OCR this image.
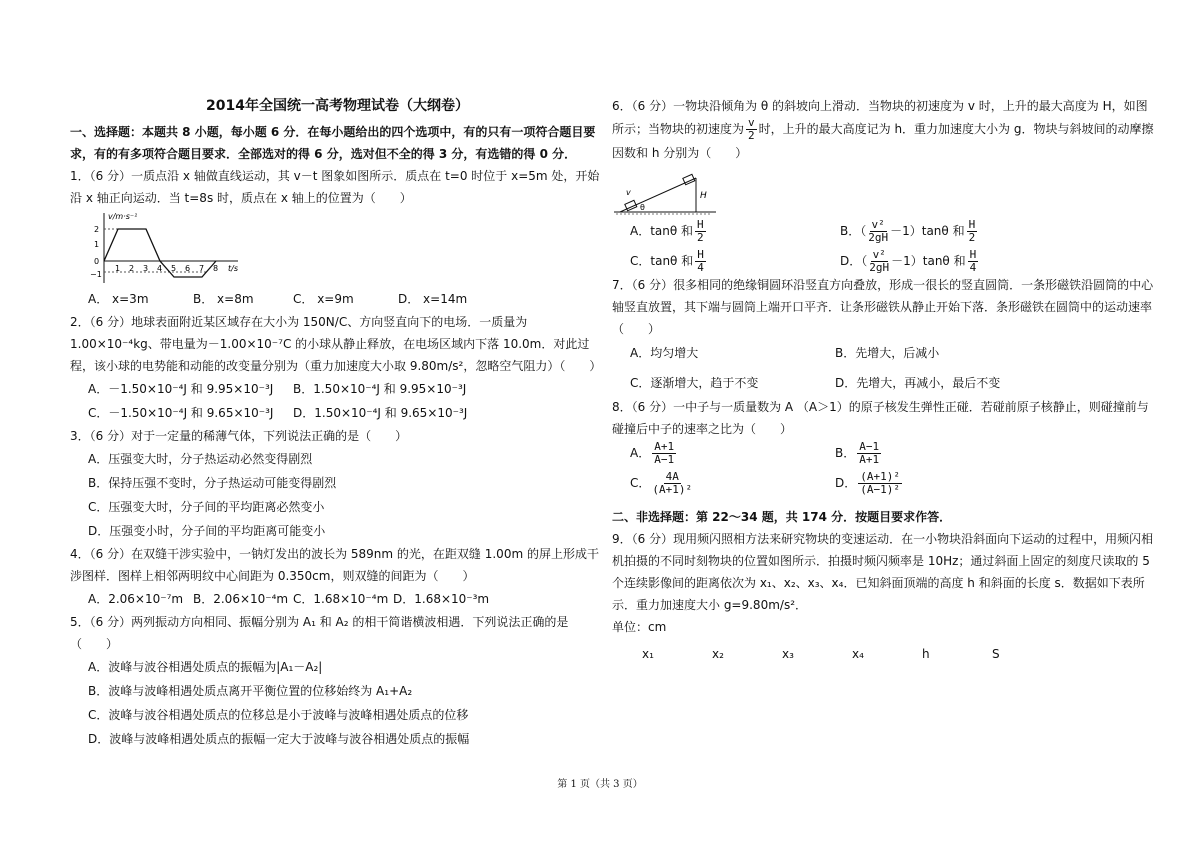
2014年全国统一高考物理试卷（大纲卷）
一、选择题：本题共 8 小题，每小题 6 分．在每小题给出的四个选项中，有的只有一项符合题目要求，有的有多项符合题目要求．全部选对的得 6 分，选对但不全的得 3 分，有选错的得 0 分．
1．（6 分）一质点沿 x 轴做直线运动，其 v－t 图象如图所示．质点在 t=0 时位于 x=5m 处，开始沿 x 轴正向运动．当 t=8s 时，质点在 x 轴上的位置为（　　）
v/m·s⁻¹
t/s
2
1
0
−1
1 2 3 4 5 6 7 8
A． x=3m	B． x=8m	C． x=9m	D． x=14m
2．（6 分）地球表面附近某区域存在大小为 150N/C、方向竖直向下的电场．一质量为 1.00×10⁻⁴kg、带电量为－1.00×10⁻⁷C 的小球从静止释放，在电场区域内下落 10.0m．对此过程，该小球的电势能和动能的改变量分别为（重力加速度大小取 9.80m/s²，忽略空气阻力）（　　）
A．－1.50×10⁻⁴J 和 9.95×10⁻³J	B．1.50×10⁻⁴J 和 9.95×10⁻³J
C．－1.50×10⁻⁴J 和 9.65×10⁻³J	D．1.50×10⁻⁴J 和 9.65×10⁻³J
3．（6 分）对于一定量的稀薄气体，下列说法正确的是（　　）
A．压强变大时，分子热运动必然变得剧烈
B．保持压强不变时，分子热运动可能变得剧烈
C．压强变大时，分子间的平均距离必然变小
D．压强变小时，分子间的平均距离可能变小
4．（6 分）在双缝干涉实验中，一钠灯发出的波长为 589nm 的光，在距双缝 1.00m 的屏上形成干涉图样．图样上相邻两明纹中心间距为 0.350cm，则双缝的间距为（　　）
A．2.06×10⁻⁷m B．2.06×10⁻⁴m C．1.68×10⁻⁴m D．1.68×10⁻³m
5．（6 分）两列振动方向相同、振幅分别为 A₁ 和 A₂ 的相干简谐横波相遇．下列说法正确的是（　　）
A．波峰与波谷相遇处质点的振幅为|A₁－A₂|
B．波峰与波峰相遇处质点离开平衡位置的位移始终为 A₁+A₂
C．波峰与波谷相遇处质点的位移总是小于波峰与波峰相遇处质点的位移
D．波峰与波峰相遇处质点的振幅一定大于波峰与波谷相遇处质点的振幅
6．（6 分）一物块沿倾角为 θ 的斜坡向上滑动．当物块的初速度为 v 时，上升的最大高度为 H，如图所示；当物块的初速度为 $\frac{v}{2}$ 时，上升的最大高度记为 h．重力加速度大小为 g．物块与斜坡间的动摩擦因数和 h 分别为（　　）
v
θ
H
A．tanθ 和 $\frac{H}{2}$	B．（ $\frac{\text{v²}}{2gH} -1)\tan\theta$ 和 $\frac{H}{2}$
C．tanθ 和 $\frac{H}{4}$	D．（ $\frac{\text{v²}}{2gH} -1)\tan\theta$ 和 $\frac{H}{4}$
7．（6 分）很多相同的绝缘铜圆环沿竖直方向叠放，形成一很长的竖直圆筒．一条形磁铁沿圆筒的中心轴竖直放置，其下端与圆筒上端开口平齐．让条形磁铁从静止开始下落．条形磁铁在圆筒中的运动速率（　　）
A．均匀增大	B．先增大，后减小
C．逐渐增大，趋于不变	D．先增大，再减小，最后不变
8．（6 分）一中子与一质量数为 A （A＞1）的原子核发生弹性正碰．若碰前原子核静止，则碰撞前与碰撞后中子的速率之比为（　　）
A． $\frac{A+1}{A-1}$	B． $\frac{A-1}{A+1}$
C． $\frac{4A}{\text{(A+1)²}}$	D． $\frac{\text{(A+1)²}}{\text{(A−1)²}}$
二、非选择题：第 22～34 题，共 174 分．按题目要求作答．
9．（6 分）现用频闪照相方法来研究物块的变速运动．在一小物块沿斜面向下运动的过程中，用频闪相机拍摄的不同时刻物块的位置如图所示．拍摄时频闪频率是 10Hz；通过斜面上固定的刻度尺读取的 5 个连续影像间的距离依次为 x₁、x₂、x₃、x₄．已知斜面顶端的高度 h 和斜面的长度 s．数据如下表所示．重力加速度大小 g=9.80m/s²．
单位：cm
x₁	x₂	x₃	x₄	h	S
第 1 页（共 3 页）
